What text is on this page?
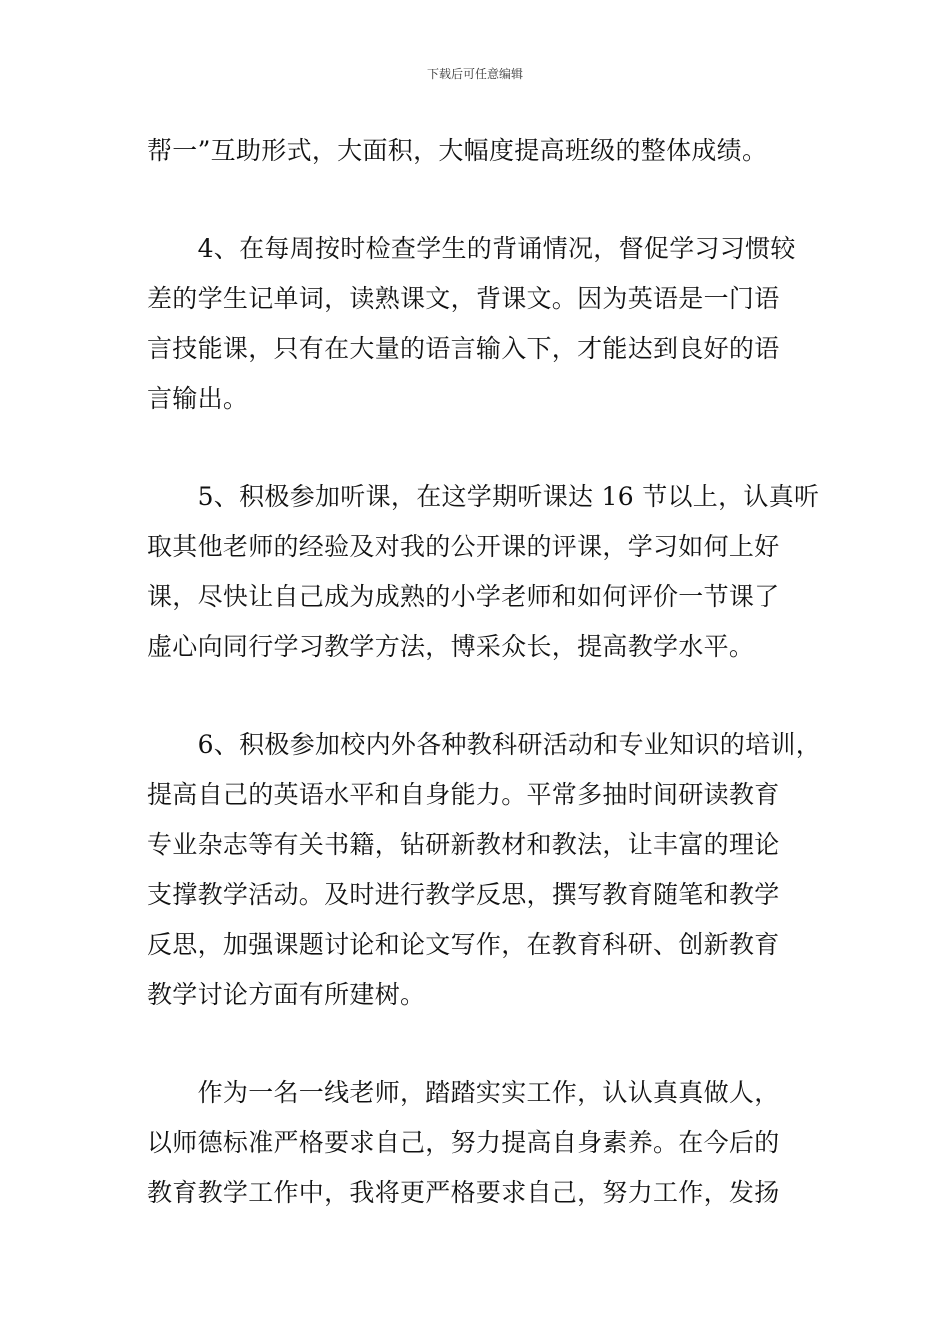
下载后可任意编辑
帮一”互助形式，大面积，大幅度提高班级的整体成绩。
　　4、在每周按时检查学生的背诵情况，督促学习习惯较
差的学生记单词，读熟课文，背课文。因为英语是一门语
言技能课，只有在大量的语言输入下，才能达到良好的语
言输出。
　　5、积极参加听课，在这学期听课达 16 节以上，认真听
取其他老师的经验及对我的公开课的评课，学习如何上好
课，尽快让自己成为成熟的小学老师和如何评价一节课了
虚心向同行学习教学方法，博采众长，提高教学水平。
　　6、积极参加校内外各种教科研活动和专业知识的培训，
提高自己的英语水平和自身能力。平常多抽时间研读教育
专业杂志等有关书籍，钻研新教材和教法，让丰富的理论
支撑教学活动。及时进行教学反思，撰写教育随笔和教学
反思，加强课题讨论和论文写作，在教育科研、创新教育
教学讨论方面有所建树。
　　作为一名一线老师，踏踏实实工作，认认真真做人，
以师德标准严格要求自己，努力提高自身素养。在今后的
教育教学工作中，我将更严格要求自己，努力工作，发扬
